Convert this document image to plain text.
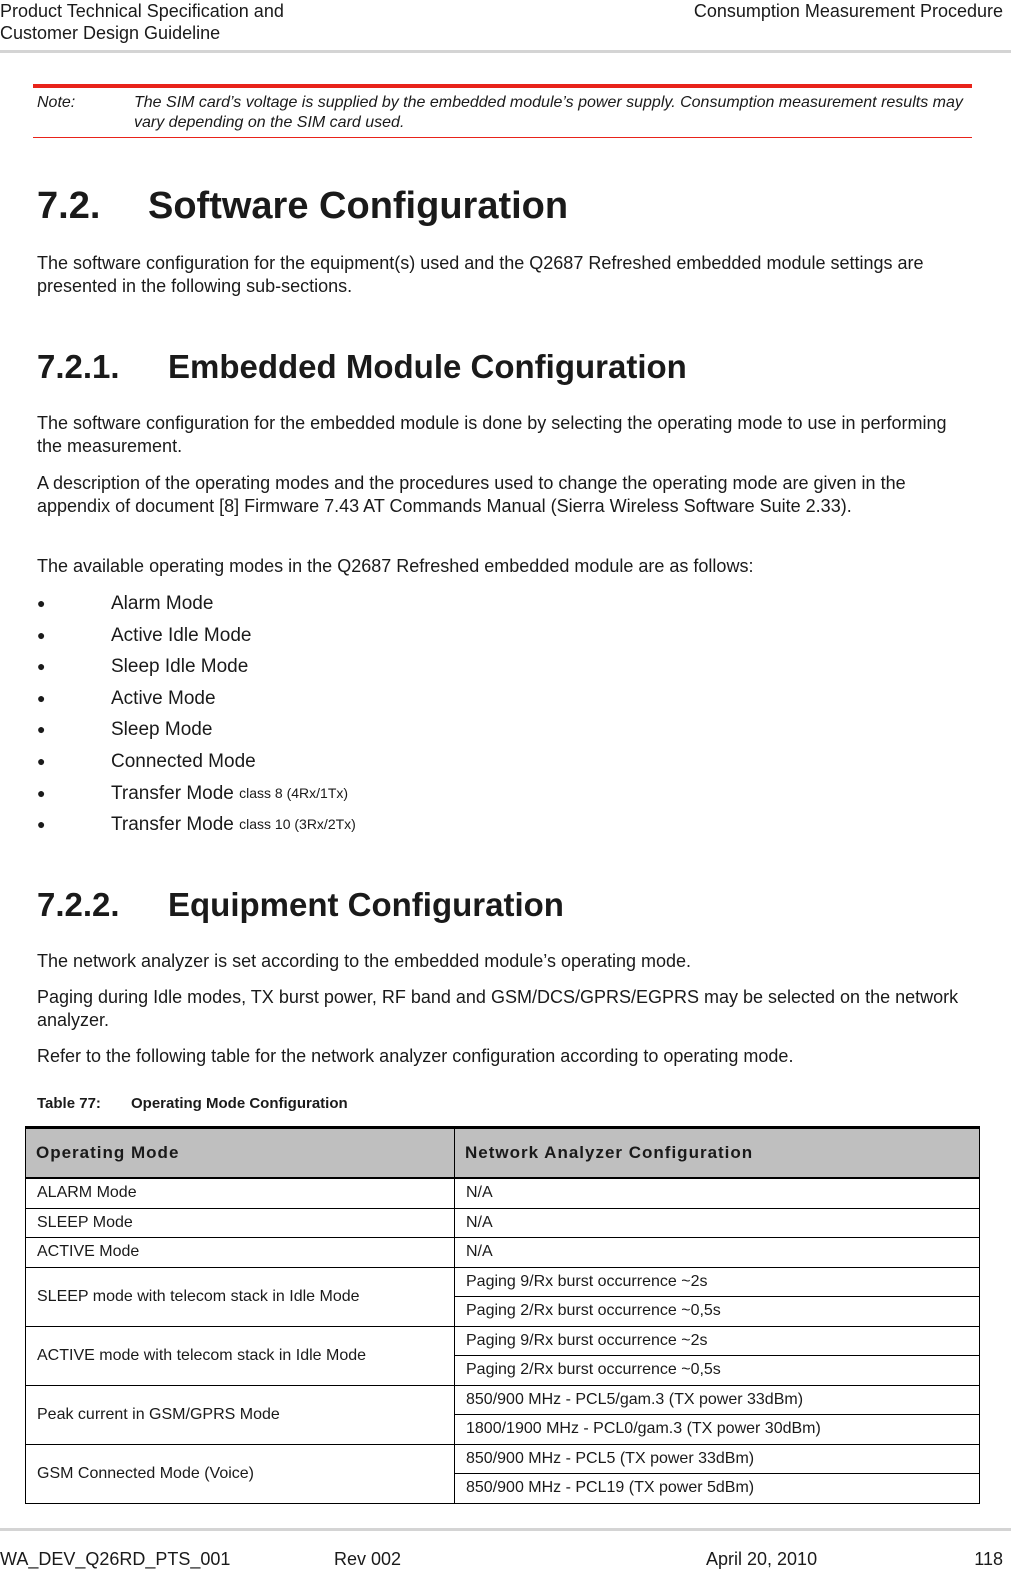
Product Technical Specification and
Customer Design Guideline
Consumption Measurement Procedure
Note:	The SIM card’s voltage is supplied by the embedded module’s power supply. Consumption measurement results may vary depending on the SIM card used.
7.2. Software Configuration

The software configuration for the equipment(s) used and the Q2687 Refreshed embedded module settings are presented in the following sub-sections.

7.2.1. Embedded Module Configuration

The software configuration for the embedded module is done by selecting the operating mode to use in performing the measurement.

A description of the operating modes and the procedures used to change the operating mode are given in the appendix of document [8] Firmware 7.43 AT Commands Manual (Sierra Wireless Software Suite 2.33).

The available operating modes in the Q2687 Refreshed embedded module are as follows:

●	Alarm Mode
●	Active Idle Mode
●	Sleep Idle Mode
●	Active Mode
●	Sleep Mode
●	Connected Mode
●	Transfer Mode
class 8 (4Rx/1Tx)
●	Transfer Mode
class 10 (3Rx/2Tx)
7.2.2. Equipment Configuration

The network analyzer is set according to the embedded module’s operating mode.

Paging during Idle modes, TX burst power, RF band and GSM/DCS/GPRS/EGPRS may be selected on the network analyzer.

Refer to the following table for the network analyzer configuration according to operating mode.

Table 77: Operating Mode Configuration
Operating Mode	Network Analyzer Configuration
ALARM Mode	N/A
SLEEP Mode	N/A
ACTIVE Mode	N/A
SLEEP mode with telecom stack in Idle Mode	Paging 9/Rx burst occurrence ~2s
	Paging 2/Rx burst occurrence ~0,5s
ACTIVE mode with telecom stack in Idle Mode	Paging 9/Rx burst occurrence ~2s
	Paging 2/Rx burst occurrence ~0,5s
Peak current in GSM/GPRS Mode	850/900 MHz - PCL5/gam.3 (TX power 33dBm)
	1800/1900 MHz - PCL0/gam.3 (TX power 30dBm)
GSM Connected Mode (Voice)	850/900 MHz - PCL5 (TX power 33dBm)
	850/900 MHz - PCL19 (TX power 5dBm)
WA_DEV_Q26RD_PTS_001	Rev 002	April 20, 2010	118
